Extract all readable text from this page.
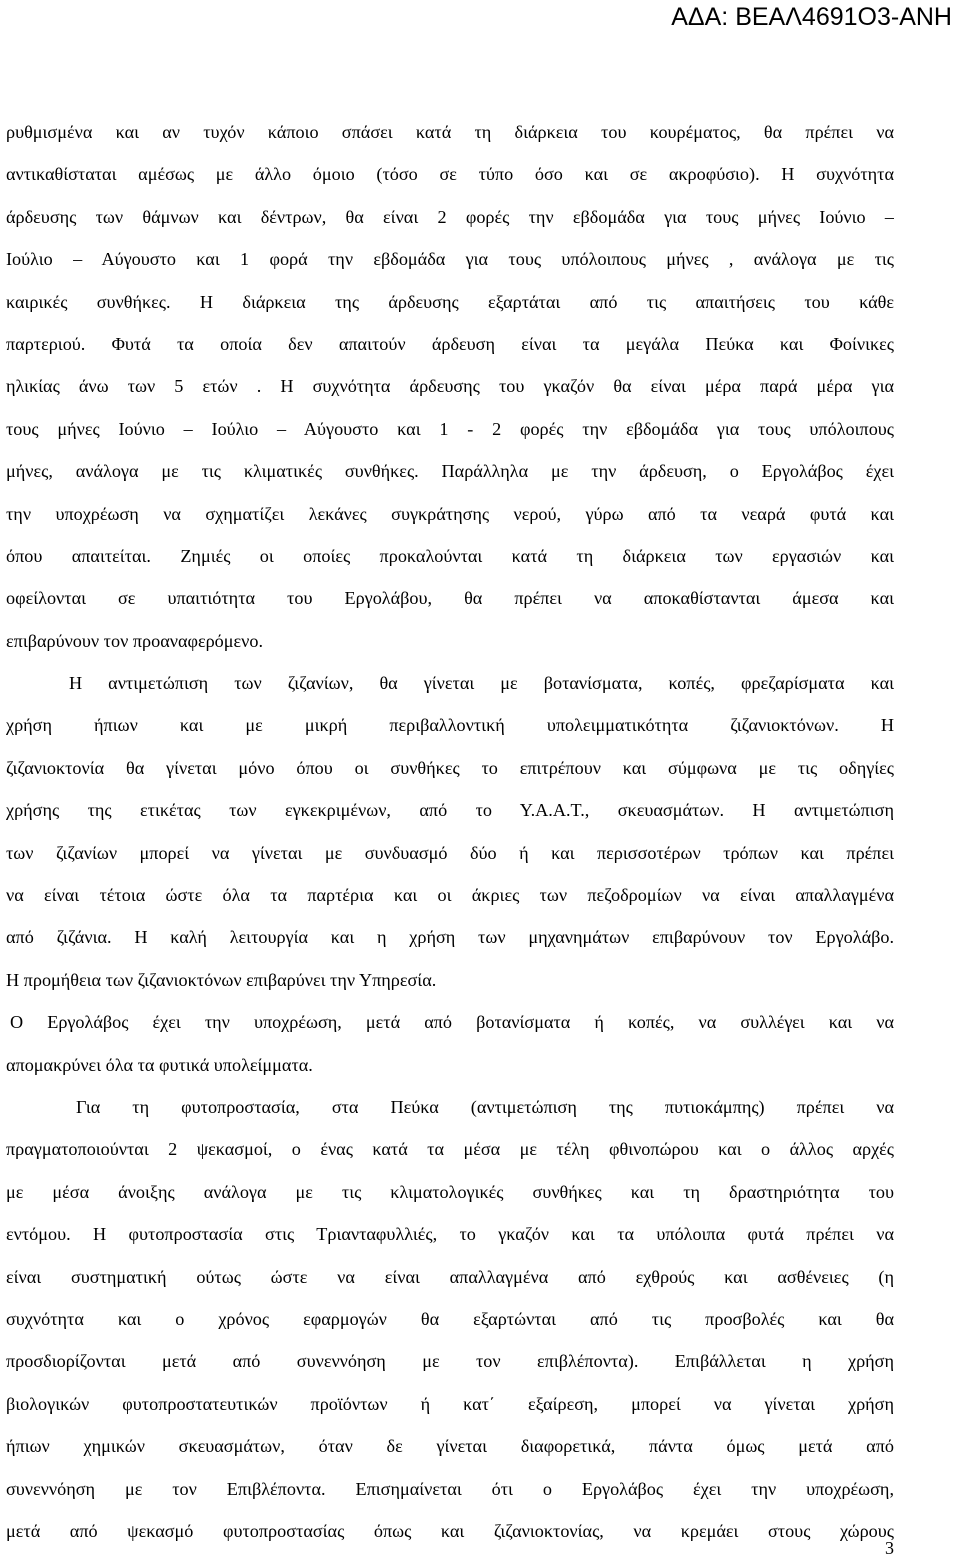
ΑΔΑ: ΒΕΑΛ4691Ο3-ΑΝΗ
ρυθμισμένα και αν τυχόν κάποιο σπάσει κατά τη διάρκεια του κουρέματος, θα πρέπει να
αντικαθίσταται αμέσως με άλλο όμοιο (τόσο σε τύπο όσο και σε ακροφύσιο). Η συχνότητα
άρδευσης των θάμνων και δέντρων, θα είναι 2 φορές την εβδομάδα για τους μήνες Ιούνιο –
Ιούλιο – Αύγουστο και 1 φορά την εβδομάδα για τους υπόλοιπους μήνες , ανάλογα με τις
καιρικές συνθήκες. Η διάρκεια της άρδευσης εξαρτάται από τις απαιτήσεις του κάθε
παρτεριού. Φυτά τα οποία δεν απαιτούν άρδευση είναι τα μεγάλα Πεύκα και Φοίνικες
ηλικίας άνω των 5 ετών . Η συχνότητα άρδευσης του γκαζόν θα είναι μέρα παρά μέρα για
τους μήνες Ιούνιο – Ιούλιο – Αύγουστο και 1 - 2 φορές την εβδομάδα για τους υπόλοιπους
μήνες, ανάλογα με τις κλιματικές συνθήκες. Παράλληλα με την άρδευση, ο Εργολάβος έχει
την υποχρέωση να σχηματίζει λεκάνες συγκράτησης νερού, γύρω από τα νεαρά φυτά και
όπου απαιτείται. Ζημιές οι οποίες προκαλούνται κατά τη διάρκεια των εργασιών και
οφείλονται σε υπαιτιότητα του Εργολάβου, θα πρέπει να αποκαθίστανται άμεσα και
επιβαρύνουν τον προαναφερόμενο.
Η αντιμετώπιση των ζιζανίων, θα γίνεται με βοτανίσματα, κοπές, φρεζαρίσματα και
χρήση ήπιων και με μικρή περιβαλλοντική υπολειμματικότητα ζιζανιοκτόνων. Η
ζιζανιοκτονία θα γίνεται μόνο όπου οι συνθήκες το επιτρέπουν και σύμφωνα με τις οδηγίες
χρήσης της ετικέτας των εγκεκριμένων, από το Υ.Α.Α.Τ., σκευασμάτων. Η αντιμετώπιση
των ζιζανίων μπορεί να γίνεται με συνδυασμό δύο ή και περισσοτέρων τρόπων και πρέπει
να είναι τέτοια ώστε όλα τα παρτέρια και οι άκριες των πεζοδρομίων να είναι απαλλαγμένα
από ζιζάνια. Η καλή λειτουργία και η χρήση των μηχανημάτων επιβαρύνουν τον Εργολάβο.
Η προμήθεια των ζιζανιοκτόνων επιβαρύνει την Υπηρεσία.
Ο Εργολάβος έχει την υποχρέωση, μετά από βοτανίσματα ή κοπές, να συλλέγει και να
απομακρύνει όλα τα φυτικά υπολείμματα.
Για τη φυτοπροστασία, στα Πεύκα (αντιμετώπιση της πυτιοκάμπης) πρέπει να
πραγματοποιούνται 2 ψεκασμοί, ο ένας κατά τα μέσα με τέλη φθινοπώρου και ο άλλος αρχές
με μέσα άνοιξης ανάλογα με τις κλιματολογικές συνθήκες και τη δραστηριότητα του
εντόμου. Η φυτοπροστασία στις Τριανταφυλλιές, το γκαζόν και τα υπόλοιπα φυτά πρέπει να
είναι συστηματική ούτως ώστε να είναι απαλλαγμένα από εχθρούς και ασθένειες (η
συχνότητα και ο χρόνος εφαρμογών θα εξαρτώνται από τις προσβολές και θα
προσδιορίζονται μετά από συνεννόηση με τον επιβλέποντα). Επιβάλλεται η χρήση
βιολογικών φυτοπροστατευτικών προϊόντων ή κατ΄ εξαίρεση, μπορεί να γίνεται χρήση
ήπιων χημικών σκευασμάτων, όταν δε γίνεται διαφορετικά, πάντα όμως μετά από
συνεννόηση με τον Επιβλέποντα. Επισημαίνεται ότι ο Εργολάβος έχει την υποχρέωση,
μετά από ψεκασμό φυτοπροστασίας όπως και ζιζανιοκτονίας, να κρεμάει στους χώρους
3
